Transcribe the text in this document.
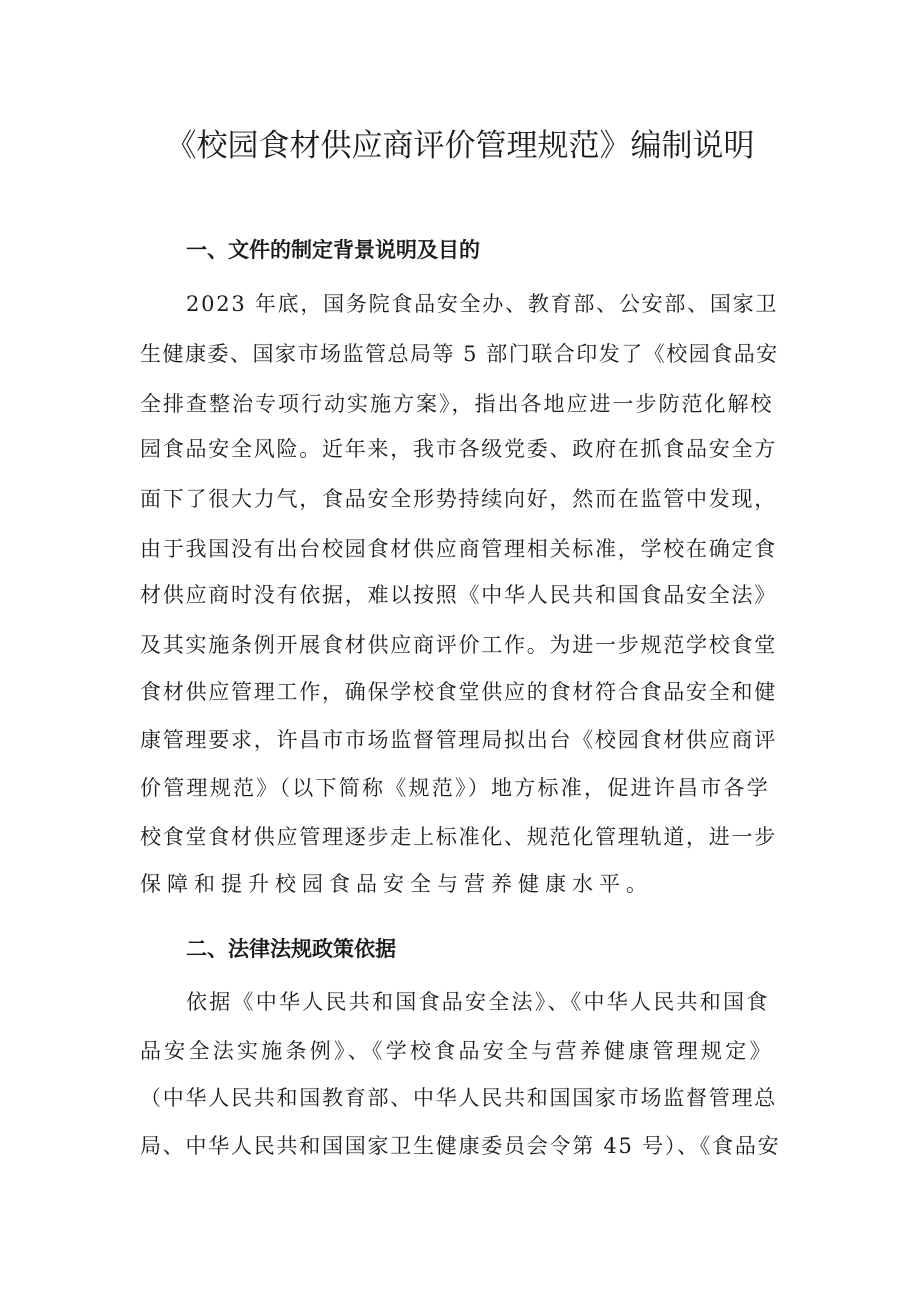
《校园食材供应商评价管理规范》编制说明
一、文件的制定背景说明及目的

2023 年底，国务院食品安全办、教育部、公安部、国家卫

生健康委、国家市场监管总局等 5 部门联合印发了《校园食品安

全排查整治专项行动实施方案》，指出各地应进一步防范化解校

园食品安全风险。近年来，我市各级党委、政府在抓食品安全方

面下了很大力气，食品安全形势持续向好，然而在监管中发现，

由于我国没有出台校园食材供应商管理相关标准，学校在确定食

材供应商时没有依据，难以按照《中华人民共和国食品安全法》

及其实施条例开展食材供应商评价工作。为进一步规范学校食堂

食材供应管理工作，确保学校食堂供应的食材符合食品安全和健

康管理要求，许昌市市场监督管理局拟出台《校园食材供应商评

价管理规范》（以下简称《规范》）地方标准，促进许昌市各学

校食堂食材供应管理逐步走上标准化、规范化管理轨道，进一步

保障和提升校园食品安全与营养健康水平。

二、法律法规政策依据

依据《中华人民共和国食品安全法》、《中华人民共和国食

品安全法实施条例》、《学校食品安全与营养健康管理规定》

（中华人民共和国教育部、中华人民共和国国家市场监督管理总

局、中华人民共和国国家卫生健康委员会令第 45 号）、《食品安
